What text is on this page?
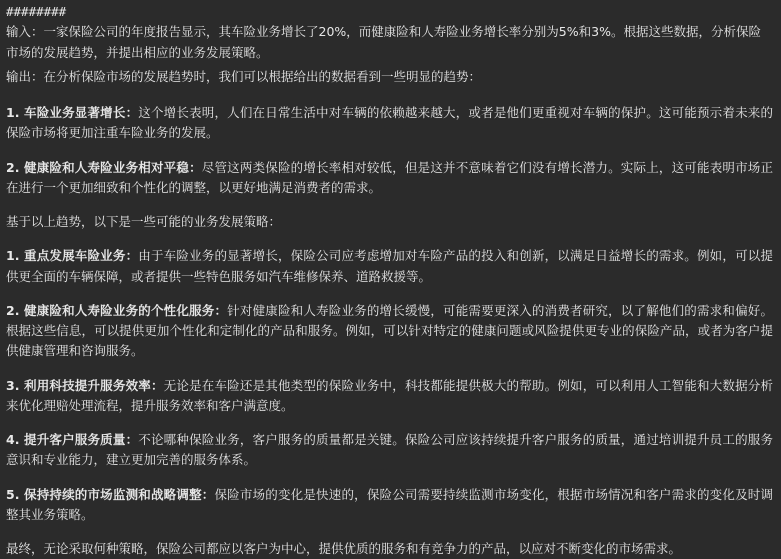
########

输入：一家保险公司的年度报告显示，其车险业务增长了20%，而健康险和人寿险业务增长率分别为5%和3%。根据这些数据，分析保险市场的发展趋势，并提出相应的业务发展策略。

输出：在分析保险市场的发展趋势时，我们可以根据给出的数据看到一些明显的趋势：

1. 车险业务显著增长：这个增长表明，人们在日常生活中对车辆的依赖越来越大，或者是他们更重视对车辆的保护。这可能预示着未来的保险市场将更加注重车险业务的发展。

2. 健康险和人寿险业务相对平稳：尽管这两类保险的增长率相对较低，但是这并不意味着它们没有增长潜力。实际上，这可能表明市场正在进行一个更加细致和个性化的调整，以更好地满足消费者的需求。

基于以上趋势，以下是一些可能的业务发展策略：

1. 重点发展车险业务：由于车险业务的显著增长，保险公司应考虑增加对车险产品的投入和创新，以满足日益增长的需求。例如，可以提供更全面的车辆保障，或者提供一些特色服务如汽车维修保养、道路救援等。

2. 健康险和人寿险业务的个性化服务：针对健康险和人寿险业务的增长缓慢，可能需要更深入的消费者研究，以了解他们的需求和偏好。根据这些信息，可以提供更加个性化和定制化的产品和服务。例如，可以针对特定的健康问题或风险提供更专业的保险产品，或者为客户提供健康管理和咨询服务。

3. 利用科技提升服务效率：无论是在车险还是其他类型的保险业务中，科技都能提供极大的帮助。例如，可以利用人工智能和大数据分析来优化理赔处理流程，提升服务效率和客户满意度。

4. 提升客户服务质量：不论哪种保险业务，客户服务的质量都是关键。保险公司应该持续提升客户服务的质量，通过培训提升员工的服务意识和专业能力，建立更加完善的服务体系。

5. 保持持续的市场监测和战略调整：保险市场的变化是快速的，保险公司需要持续监测市场变化，根据市场情况和客户需求的变化及时调整其业务策略。

最终，无论采取何种策略，保险公司都应以客户为中心，提供优质的服务和有竞争力的产品，以应对不断变化的市场需求。
